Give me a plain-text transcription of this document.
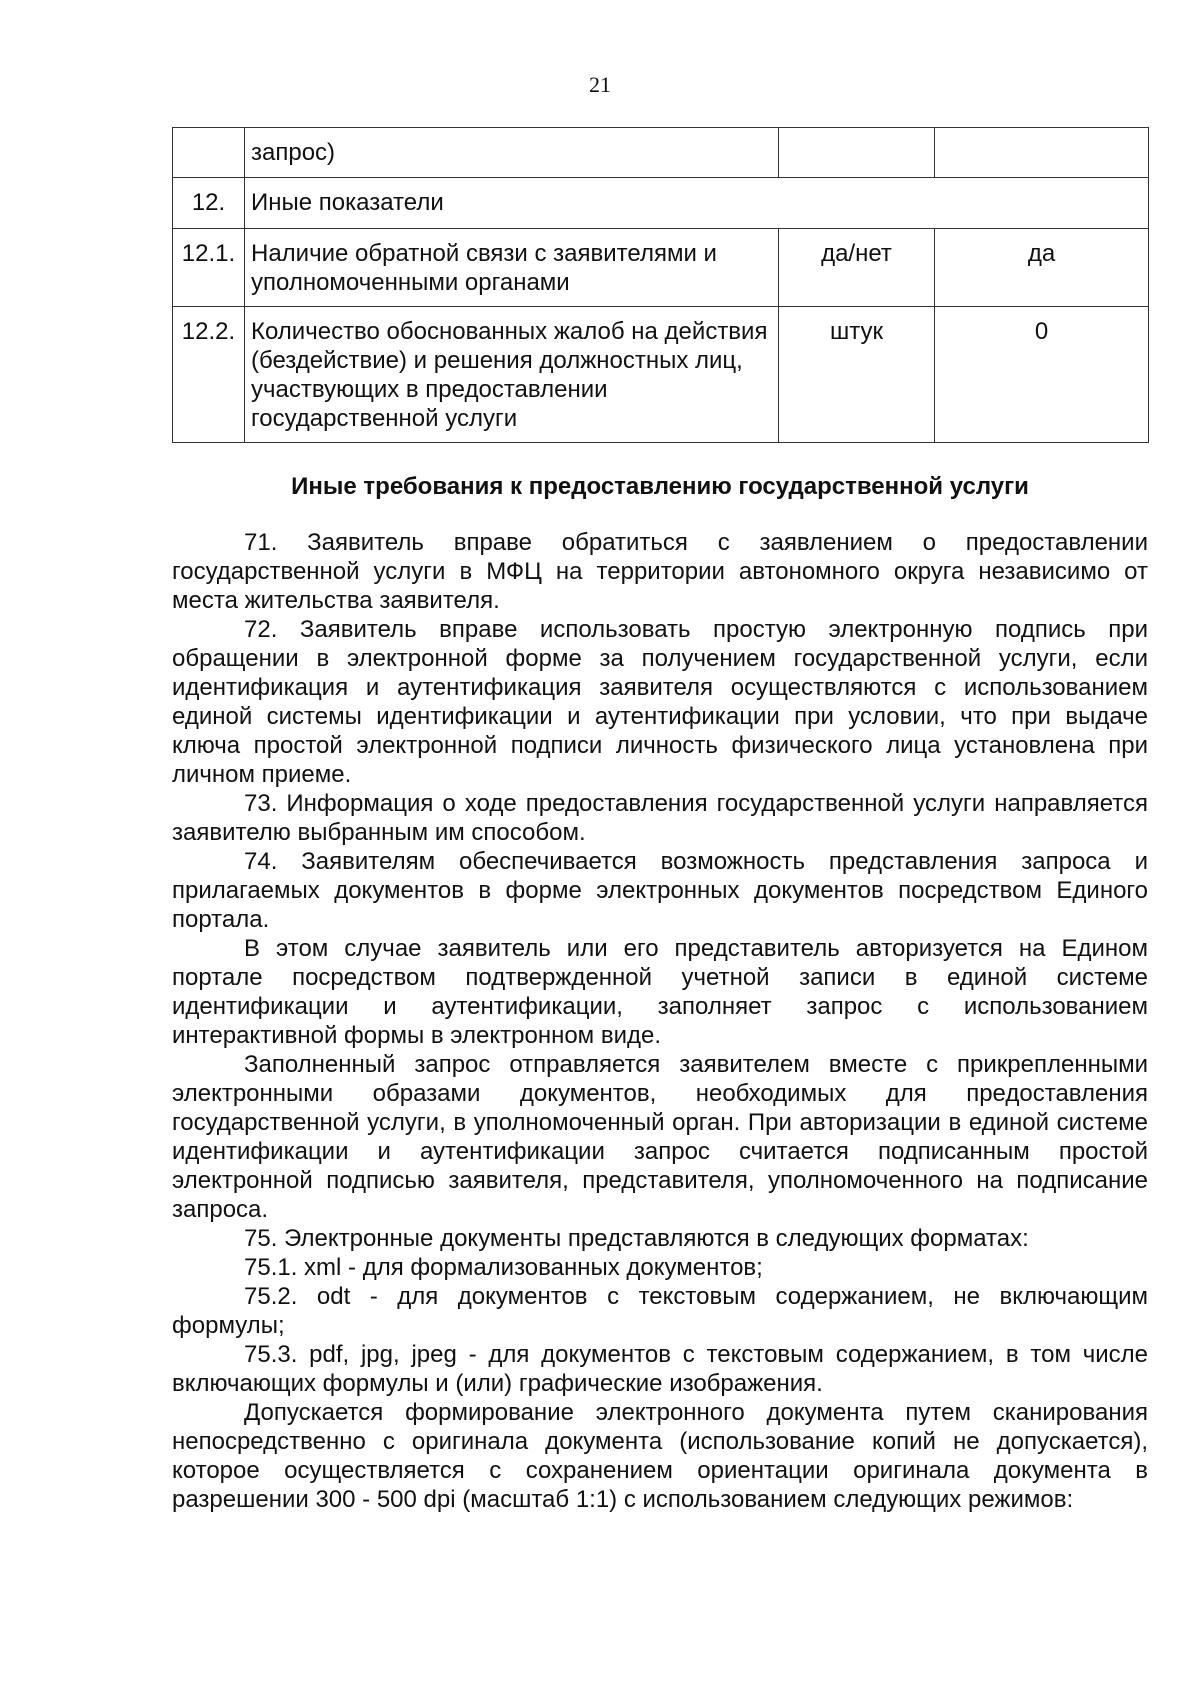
21
	запрос)		
12.	Иные показатели		
12.1.	Наличие обратной связи с заявителями и уполномоченными органами	да/нет	да
12.2.	Количество обоснованных жалоб на действия (бездействие) и решения должностных лиц, участвующих в предоставлении государственной услуги	штук	0
Иные требования к предоставлению государственной услуги

71. Заявитель вправе обратиться с заявлением о предоставлении государственной услуги в МФЦ на территории автономного округа независимо от места жительства заявителя.

72. Заявитель вправе использовать простую электронную подпись при обращении в электронной форме за получением государственной услуги, если идентификация и аутентификация заявителя осуществляются с использованием единой системы идентификации и аутентификации при условии, что при выдаче ключа простой электронной подписи личность физического лица установлена при личном приеме.

73. Информация о ходе предоставления государственной услуги направляется заявителю выбранным им способом.

74. Заявителям обеспечивается возможность представления запроса и прилагаемых документов в форме электронных документов посредством Единого портала.

В этом случае заявитель или его представитель авторизуется на Едином портале посредством подтвержденной учетной записи в единой системе идентификации и аутентификации, заполняет запрос с использованием интерактивной формы в электронном виде.

Заполненный запрос отправляется заявителем вместе с прикрепленными электронными образами документов, необходимых для предоставления государственной услуги, в уполномоченный орган. При авторизации в единой системе идентификации и аутентификации запрос считается подписанным простой электронной подписью заявителя, представителя, уполномоченного на подписание запроса.

75. Электронные документы представляются в следующих форматах:

75.1. xml - для формализованных документов;

75.2. odt - для документов с текстовым содержанием, не включающим формулы;

75.3. pdf, jpg, jpeg - для документов с текстовым содержанием, в том числе включающих формулы и (или) графические изображения.

Допускается формирование электронного документа путем сканирования непосредственно с оригинала документа (использование копий не допускается), которое осуществляется с сохранением ориентации оригинала документа в разрешении 300 - 500 dpi (масштаб 1:1) с использованием следующих режимов:
